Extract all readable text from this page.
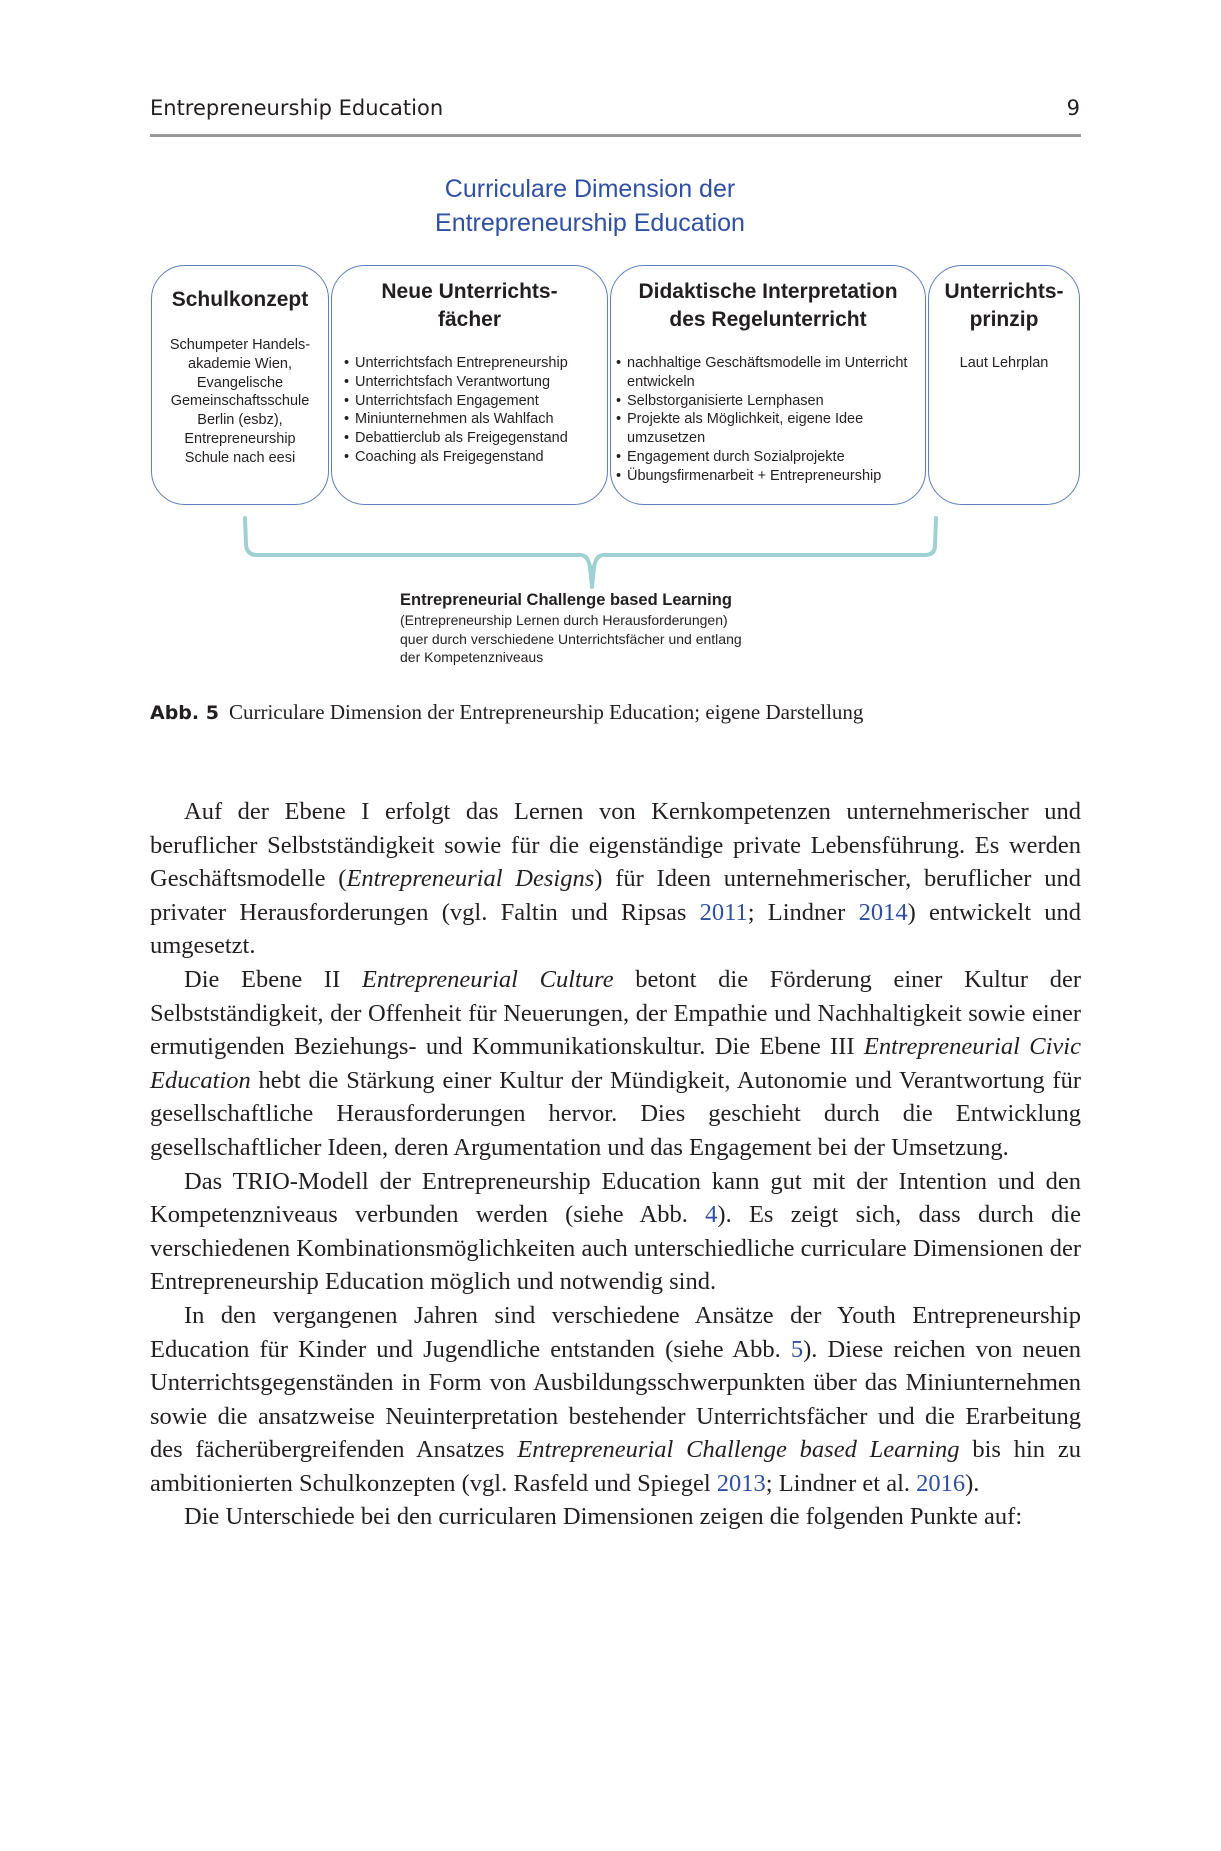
Entrepreneurship Education	9
Curriculare Dimension der
Entrepreneurship Education
Schulkonzept
Schumpeter Handels-
akademie Wien,
Evangelische
Gemeinschaftsschule
Berlin (esbz),
Entrepreneurship
Schule nach eesi
Neue Unterrichts-
fächer
• Unterrichtsfach Entrepreneurship
• Unterrichtsfach Verantwortung
• Unterrichtsfach Engagement
• Miniunternehmen als Wahlfach
• Debattierclub als Freigegenstand
• Coaching als Freigegenstand
Didaktische Interpretation
des Regelunterricht
• nachhaltige Geschäftsmodelle im Unterricht entwickeln
• Selbstorganisierte Lernphasen
• Projekte als Möglichkeit, eigene Idee umzusetzen
• Engagement durch Sozialprojekte
• Übungsfirmenarbeit + Entrepreneurship
Unterrichts-
prinzip
Laut Lehrplan
Entrepreneurial Challenge based Learning
(Entrepreneurship Lernen durch Herausforderungen)
quer durch verschiedene Unterrichtsfächer und entlang
der Kompetenzniveaus
Abb. 5 Curriculare Dimension der Entrepreneurship Education; eigene Darstellung

Auf der Ebene I erfolgt das Lernen von Kernkompetenzen unternehmerischer und beruflicher Selbstständigkeit sowie für die eigenständige private Lebensführung. Es werden Geschäftsmodelle (Entrepreneurial Designs) für Ideen unternehmerischer, beruflicher und privater Herausforderungen (vgl. Faltin und Ripsas 2011; Lindner 2014) entwickelt und umgesetzt.

Die Ebene II Entrepreneurial Culture betont die Förderung einer Kultur der Selbstständigkeit, der Offenheit für Neuerungen, der Empathie und Nachhaltigkeit sowie einer ermutigenden Beziehungs- und Kommunikationskultur. Die Ebene III Entrepreneurial Civic Education hebt die Stärkung einer Kultur der Mündigkeit, Autonomie und Verantwortung für gesellschaftliche Herausforderungen hervor. Dies geschieht durch die Entwicklung gesellschaftlicher Ideen, deren Argumentation und das Engagement bei der Umsetzung.

Das TRIO-Modell der Entrepreneurship Education kann gut mit der Intention und den Kompetenzniveaus verbunden werden (siehe Abb. 4). Es zeigt sich, dass durch die verschiedenen Kombinationsmöglichkeiten auch unterschiedliche curriculare Dimensionen der Entrepreneurship Education möglich und notwendig sind.

In den vergangenen Jahren sind verschiedene Ansätze der Youth Entrepreneurship Education für Kinder und Jugendliche entstanden (siehe Abb. 5). Diese reichen von neuen Unterrichtsgegenständen in Form von Ausbildungsschwerpunkten über das Miniunternehmen sowie die ansatzweise Neuinterpretation bestehender Unterrichtsfächer und die Erarbeitung des fächerübergreifenden Ansatzes Entrepreneurial Challenge based Learning bis hin zu ambitionierten Schulkonzepten (vgl. Rasfeld und Spiegel 2013; Lindner et al. 2016).

Die Unterschiede bei den curricularen Dimensionen zeigen die folgenden Punkte auf:
